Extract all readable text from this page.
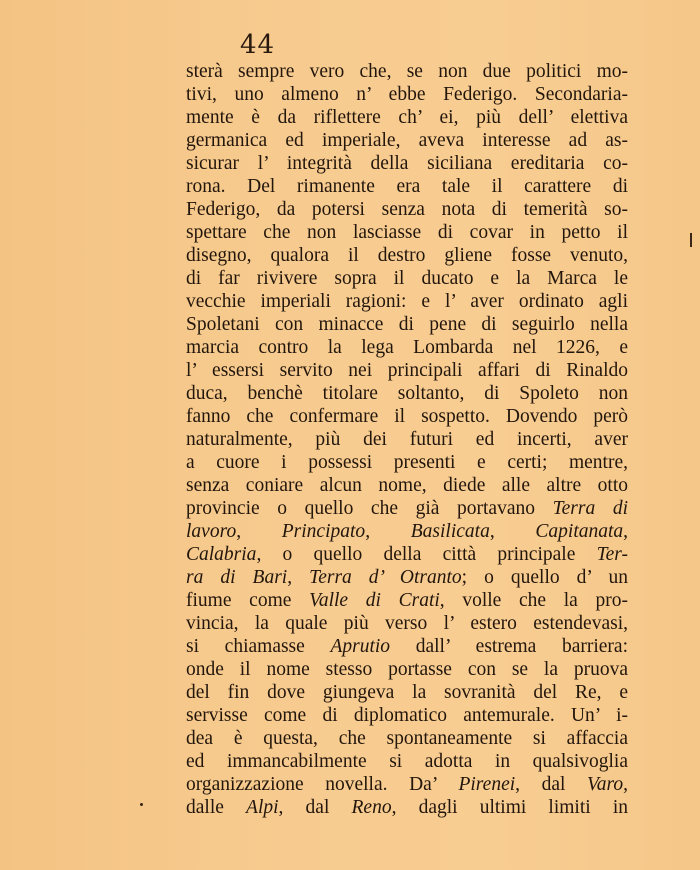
44
sterà sempre vero che, se non due politici mo-
tivi, uno almeno n’ ebbe Federigo. Secondaria-
mente è da riflettere ch’ ei, più dell’ elettiva
germanica ed imperiale, aveva interesse ad as-
sicurar l’ integrità della siciliana ereditaria co-
rona. Del rimanente era tale il carattere di
Federigo, da potersi senza nota di temerità so-
spettare che non lasciasse di covar in petto il
disegno, qualora il destro gliene fosse venuto,
di far rivivere sopra il ducato e la Marca le
vecchie imperiali ragioni: e l’ aver ordinato agli
Spoletani con minacce di pene di seguirlo nella
marcia contro la lega Lombarda nel 1226, e
l’ essersi servito nei principali affari di Rinaldo
duca, benchè titolare soltanto, di Spoleto non
fanno che confermare il sospetto. Dovendo però
naturalmente, più dei futuri ed incerti, aver
a cuore i possessi presenti e certi; mentre,
senza coniare alcun nome, diede alle altre otto
provincie o quello che già portavano Terra di
lavoro, Principato, Basilicata, Capitanata,
Calabria, o quello della città principale Ter-
ra di Bari, Terra d’ Otranto; o quello d’ un
fiume come Valle di Crati, volle che la pro-
vincia, la quale più verso l’ estero estendevasi,
si chiamasse Aprutio dall’ estrema barriera:
onde il nome stesso portasse con se la pruova
del fin dove giungeva la sovranità del Re, e
servisse come di diplomatico antemurale. Un’ i-
dea è questa, che spontaneamente si affaccia
ed immancabilmente si adotta in qualsivoglia
organizzazione novella. Da’ Pirenei, dal Varo,
dalle Alpi, dal Reno, dagli ultimi limiti in
